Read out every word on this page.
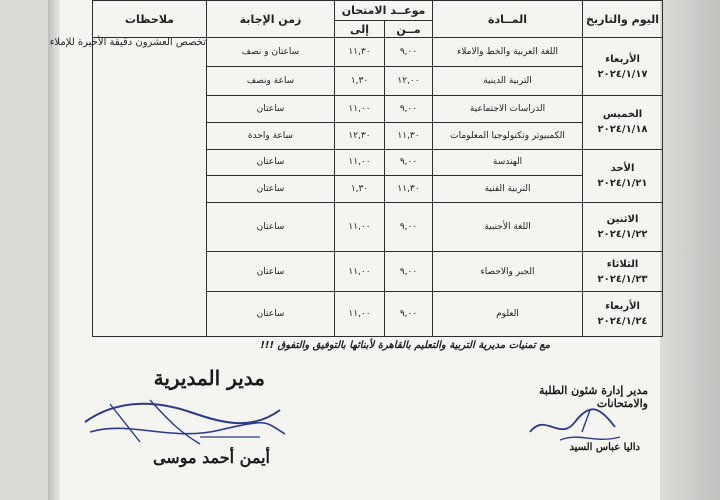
اليوم والتاريخ	المــادة	موعــد الامتحان		زمن الإجابة	ملاحظات
		مــن	إلى		

الأربعاء
٢٠٢٤/١/١٧	اللغة العربية والخط والاملاء	٩,٠٠	١١,٣٠	ساعتان و نصف	تخصص العشرون دقيقة الأخيرة للإملاء

	التربية الدينية	١٢,٠٠	١,٣٠	ساعة ونصف	

الخميس
٢٠٢٤/١/١٨	الدراسات الاجتماعية	٩,٠٠	١١,٠٠	ساعتان	
	الكمبيوتر وتكنولوجيا المعلومات	١١,٣٠	١٢,٣٠	ساعة واحدة	

الأحد
٢٠٢٤/١/٢١	الهندسة	٩,٠٠	١١,٠٠	ساعتان	
	التربية الفنية	١١,٣٠	١,٣٠	ساعتان	

الاثنين
٢٠٢٤/١/٢٢	اللغة الأجنبية	٩,٠٠	١١,٠٠	ساعتان	

الثلاثاء
٢٠٢٤/١/٢٣	الجبر والاحصاء	٩,٠٠	١١,٠٠	ساعتان	

الأربعاء
٢٠٢٤/١/٢٤	العلوم	٩,٠٠	١١,٠٠	ساعتان	
مع تمنيات مديرية التربية والتعليم بالقاهرة لأبنائها بالتوفيق والتفوق !!!
مدير المديرية
أيمن أحمد موسى
مدير إدارة شئون الطلبة والامتحانات
داليا عباس السيد
